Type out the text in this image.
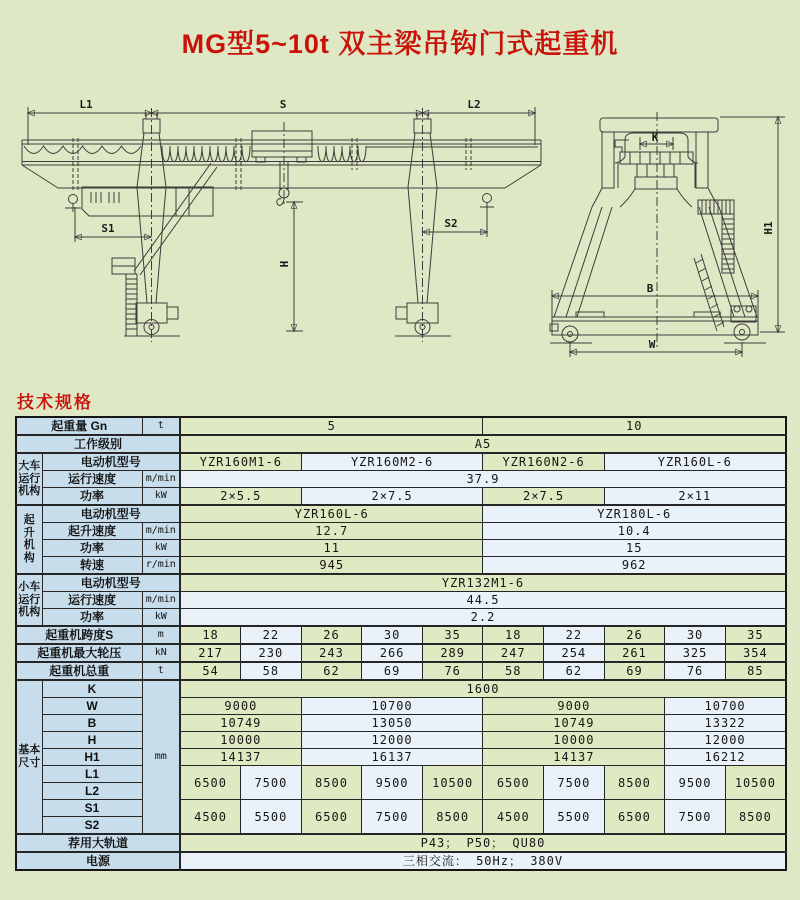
MG型5~10t 双主梁吊钩门式起重机
L1	S	L2
H
S1	S2
K
B
W
H1
技术规格
起重量 Gn		t	5					10				
工作级别			A5									
大车运行机构	电动机型号		YZR160M1-6		YZR160M2-6			YZR160N2-6		YZR160L-6		
	运行速度	m/min	37.9									
	功率	kW	2×5.5		2×7.5			2×7.5		2×11		
起升机构	电动机型号		YZR160L-6					YZR180L-6				
	起升速度	m/min	12.7					10.4				
	功率	kW	11					15				
	转速	r/min	945					962				
小车运行机构	电动机型号		YZR132M1-6									
	运行速度	m/min	44.5									
	功率	kW	2.2									
起重机跨度S		m	18	22	26	30	35	18	22	26	30	35
起重机最大轮压		kN	217	230	243	266	289	247	254	261	325	354
起重机总重		t	54	58	62	69	76	58	62	69	76	85
基本尺寸	K	mm	1600									
	W		9000		10700			9000			10700	
	B		10749		13050			10749			13322	
	H		10000		12000			10000			12000	
	H1		14137		16137			14137			16212	
	L1		6500	7500	8500	9500	10500	6500	7500	8500	9500	10500
	L2											
	S1		4500	5500	6500	7500	8500	4500	5500	6500	7500	8500
	S2											
荐用大轨道			P43； P50； QU80									
电源			三相交流： 50Hz； 380V									
